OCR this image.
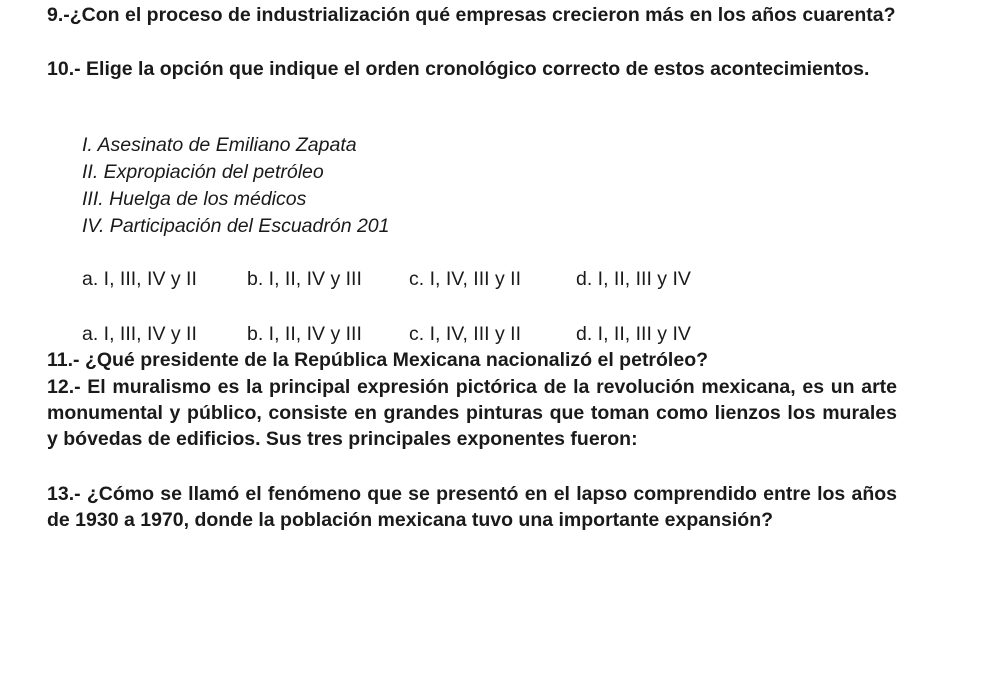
9.-¿Con el proceso de industrialización qué empresas crecieron más en los años cuarenta?

10.- Elige la opción que indique el orden cronológico correcto de estos acontecimientos.

I. Asesinato de Emiliano Zapata

II. Expropiación del petróleo

III. Huelga de los médicos

IV. Participación del Escuadrón 201

a. I, III, IV y II	b. I, II, IV y III c. I, IV, III y II	d. I, II, III y IV
a. I, III, IV y II	b. I, II, IV y III c. I, IV, III y II	d. I, II, III y IV

11.- ¿Qué presidente de la República Mexicana nacionalizó el petróleo?

12.- El muralismo es la principal expresión pictórica de la revolución mexicana, es un arte monumental y público, consiste en grandes pinturas que toman como lienzos los murales y bóvedas de edificios. Sus tres principales exponentes fueron:

13.- ¿Cómo se llamó el fenómeno que se presentó en el lapso comprendido entre los años de 1930 a 1970, donde la población mexicana tuvo una importante expansión?
